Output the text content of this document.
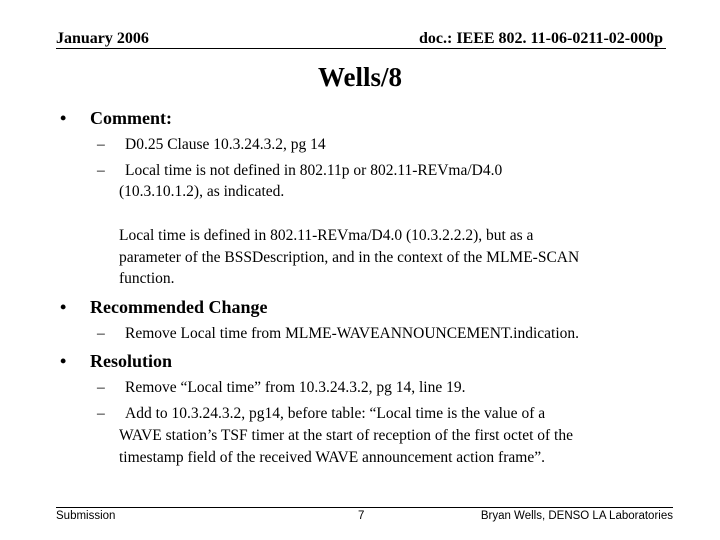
January 2006	doc.: IEEE 802. 11-06-0211-02-000p
Wells/8
• Comment:
– D0.25 Clause 10.3.24.3.2, pg 14
– Local time is not defined in 802.11p or 802.11-REVma/D4.0
(10.3.10.1.2), as indicated.
Local time is defined in 802.11-REVma/D4.0 (10.3.2.2.2), but as a
parameter of the BSSDescription, and in the context of the MLME-SCAN
function.
• Recommended Change
– Remove Local time from MLME-WAVEANNOUNCEMENT.indication.
• Resolution
– Remove “Local time” from 10.3.24.3.2, pg 14, line 19.
– Add to 10.3.24.3.2, pg14, before table: “Local time is the value of a
WAVE station’s TSF timer at the start of reception of the first octet of the
timestamp field of the received WAVE announcement action frame”.
Submission	7	Bryan Wells, DENSO LA Laboratories
